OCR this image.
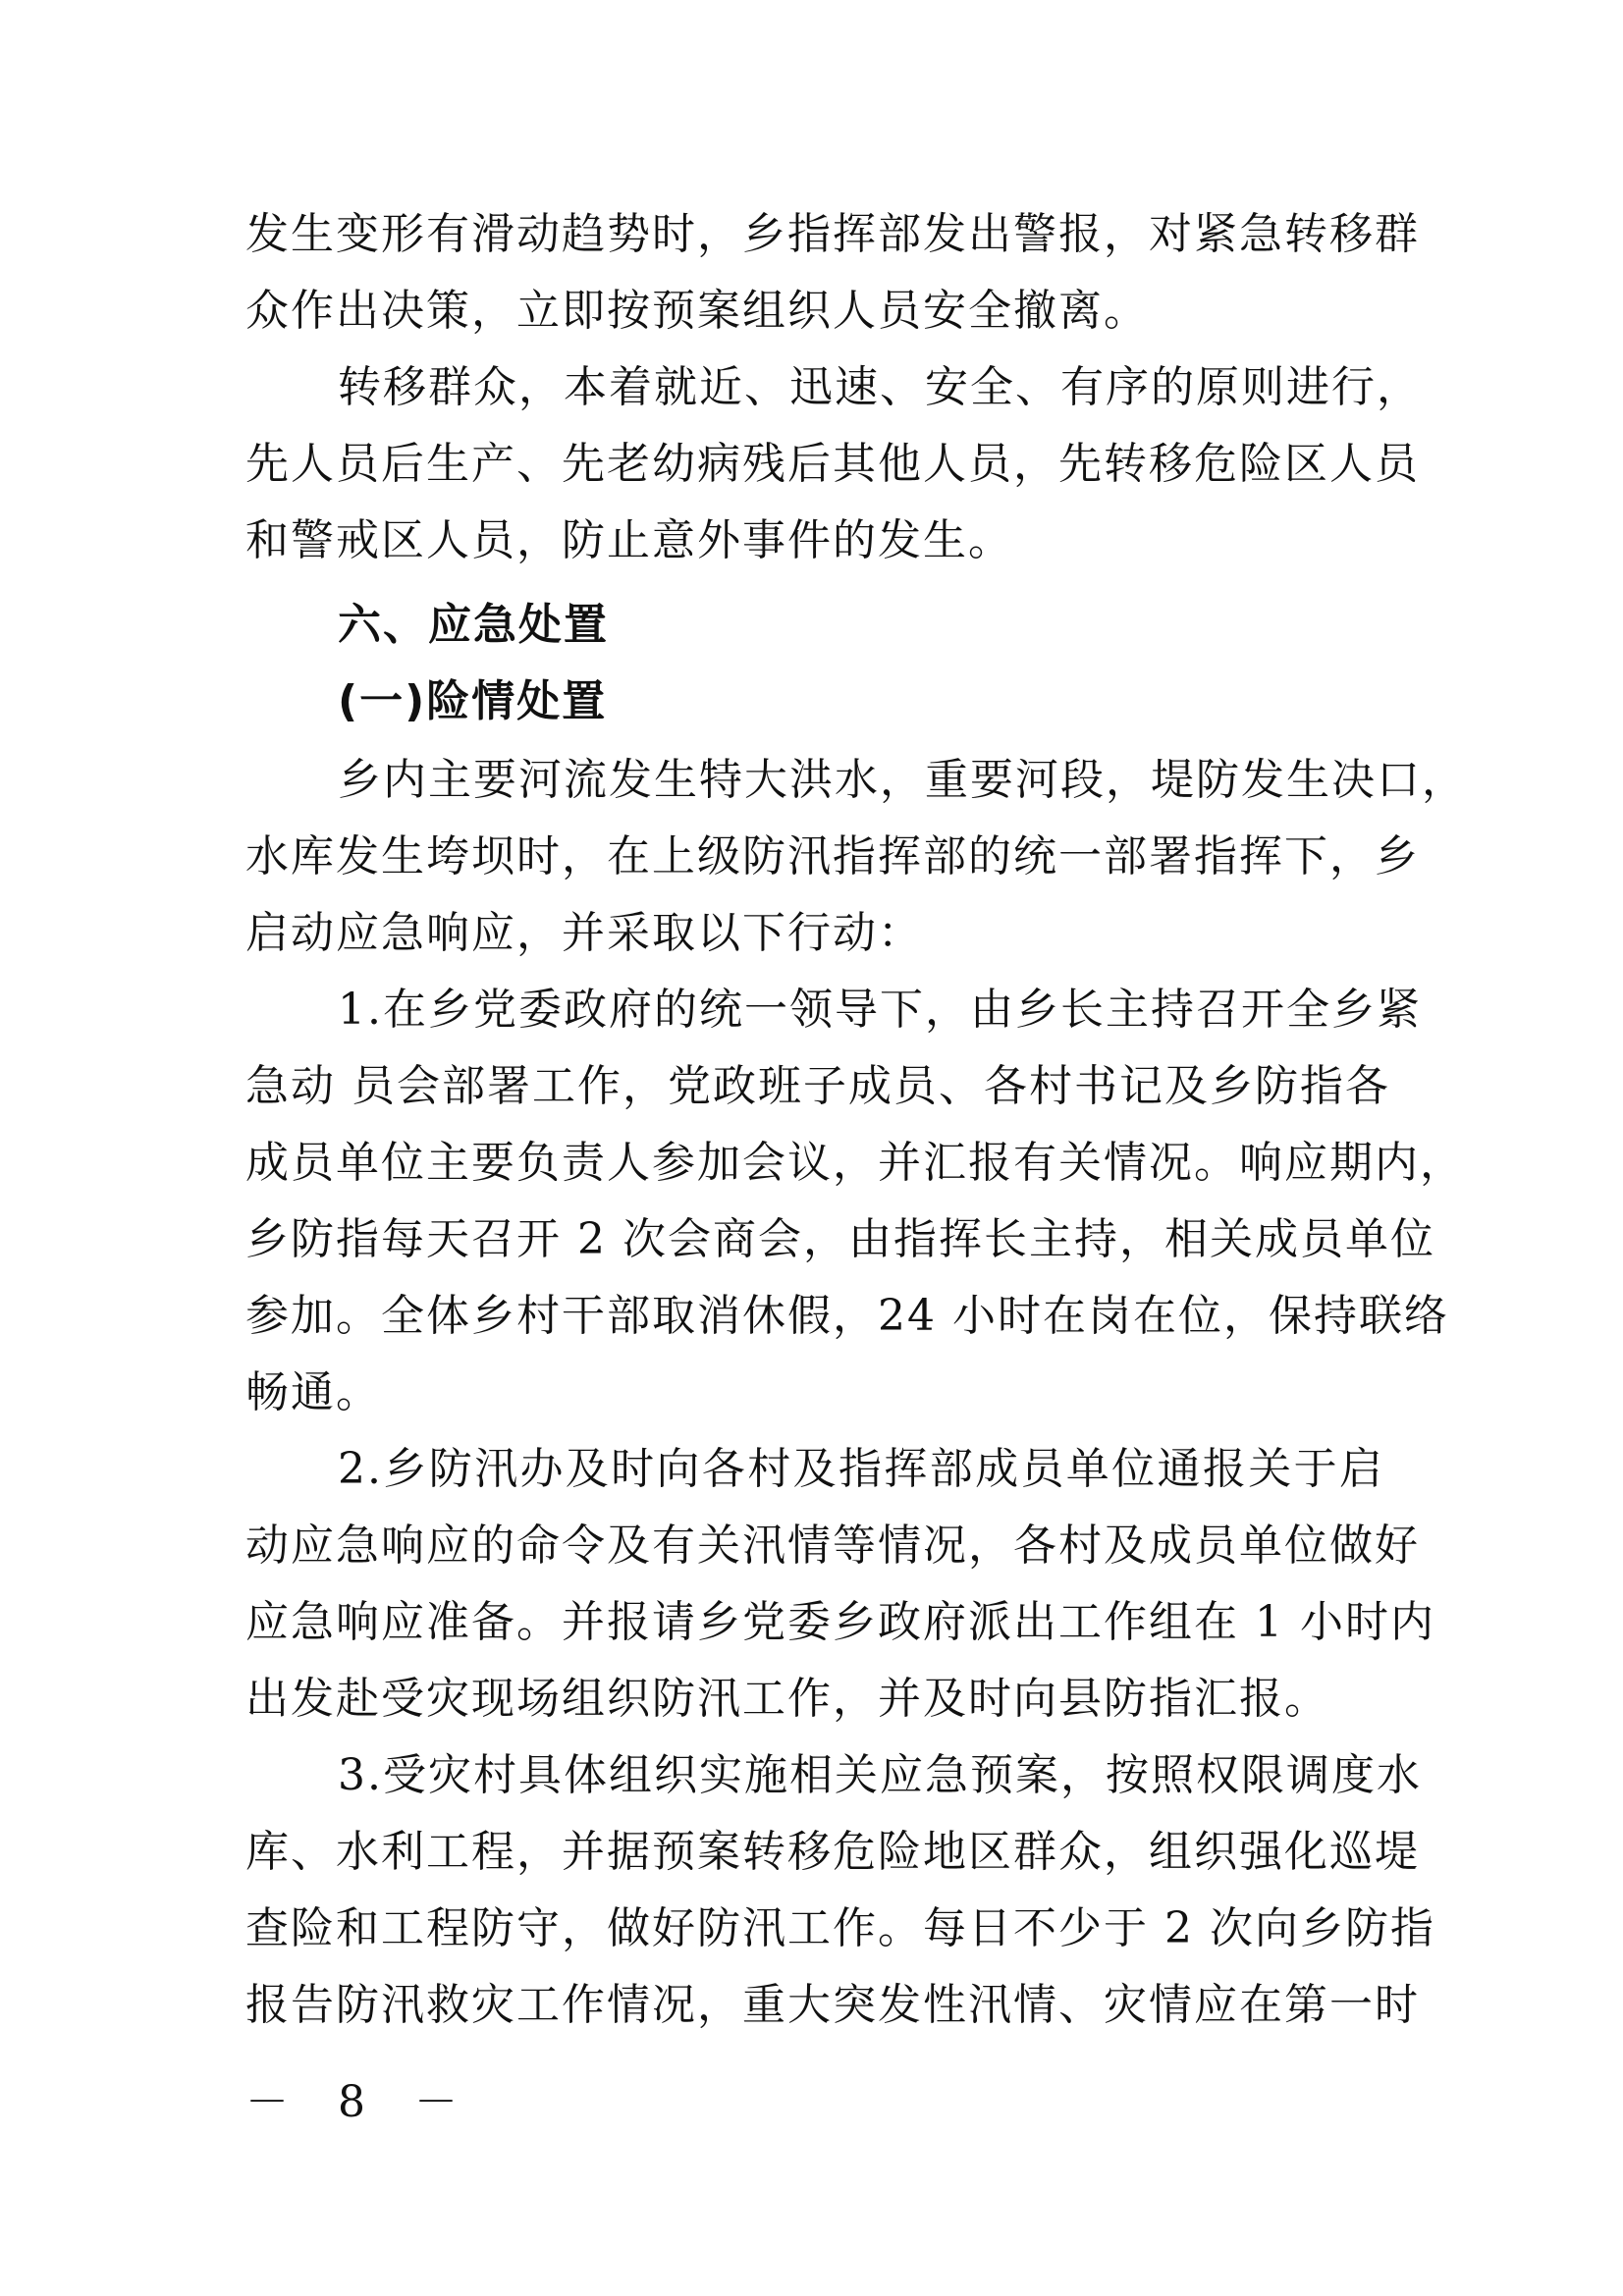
发生变形有滑动趋势时，乡指挥部发出警报，对紧急转移群
众作出决策，立即按预案组织人员安全撤离。
转移群众，本着就近、迅速、安全、有序的原则进行，
先人员后生产、先老幼病残后其他人员，先转移危险区人员
和警戒区人员，防止意外事件的发生。
六、应急处置
(一)险情处置
乡内主要河流发生特大洪水，重要河段，堤防发生决口，
水库发生垮坝时，在上级防汛指挥部的统一部署指挥下，乡
启动应急响应，并采取以下行动：
1.在乡党委政府的统一领导下，由乡长主持召开全乡紧
急动 员会部署工作，党政班子成员、各村书记及乡防指各
成员单位主要负责人参加会议，并汇报有关情况。响应期内，
乡防指每天召开 2 次会商会，由指挥长主持，相关成员单位
参加。全体乡村干部取消休假，24 小时在岗在位，保持联络
畅通。
2.乡防汛办及时向各村及指挥部成员单位通报关于启
动应急响应的命令及有关汛情等情况，各村及成员单位做好
应急响应准备。并报请乡党委乡政府派出工作组在 1 小时内
出发赴受灾现场组织防汛工作，并及时向县防指汇报。
3.受灾村具体组织实施相关应急预案，按照权限调度水
库、水利工程，并据预案转移危险地区群众，组织强化巡堤
查险和工程防守，做好防汛工作。每日不少于 2 次向乡防指
报告防汛救灾工作情况，重大突发性汛情、灾情应在第一时
－ 8 －
